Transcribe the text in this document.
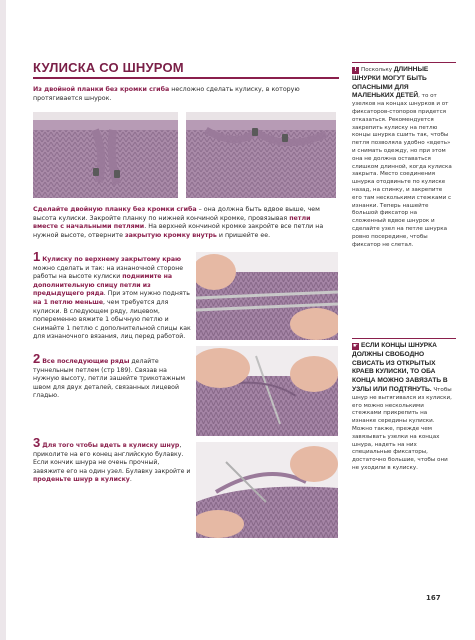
КУЛИСКА СО ШНУРОМ
Из двойной планки без кромки сгиба несложно сделать кулиску, в которую протягивается шнурок.
Сделайте двойную планку без кромки сгиба – она должна быть вдвое выше, чем высота кулиски. Закройте планку по нижней кончиной кромке, провязывая петли вместе с начальными петлями. На верхней кончиной кромке закройте все петли на нужной высоте, отверните закрытую кромку внутрь и пришейте ее.
1 Кулиску по верхнему закрытому краю можно сделать и так: на изнаночной стороне работы на высоте кулиски поднимите на дополнительную спицу петли из предыдущего ряда. При этом нужно поднять на 1 петлю меньше, чем требуется для кулиски. В следующем ряду, лицевом, попеременно вяжите 1 обычную петлю и снимайте 1 петлю с дополнительной спицы как для изнаночного вязания, лиц перед работой.
2 Все последующие ряды делайте туннельным петлем (стр 189). Связав на нужную высоту, петли зашейте трикотажным швом для двух деталей, связанных лицевой гладью.
3 Для того чтобы вдеть в кулиску шнур, приколите на его конец английскую булавку. Если кончик шнура не очень прочный, завяжите его на один узел. Булавку закройте и проденьте шнур в кулиску.
! Поскольку ДЛИННЫЕ ШНУРКИ МОГУТ БЫТЬ ОПАСНЫМИ ДЛЯ МАЛЕНЬКИХ ДЕТЕЙ, то от узелков на концах шнурков и от фиксаторов-стопоров придется отказаться. Рекомендуется закрепить кулиску на петлю концы шнурка сшить так, чтобы петля позволяла удобно «вдеть» и снимать одежду, но при этом она не должна оставаться слишком длинной, когда кулиска закрыта. Место соединения шнурка отодвиньте по кулиске назад, на спинку, и закрепите его там несколькими стежками с изнанки. Теперь нашейте большой фиксатор на сложенный вдвое шнурок и сделайте узел на петле шнурка ровно посередине, чтобы фиксатор не слетал.
☛ ЕСЛИ КОНЦЫ ШНУРКА ДОЛЖНЫ СВОБОДНО СВИСАТЬ ИЗ ОТКРЫТЫХ КРАЕВ КУЛИСКИ, ТО ОБА КОНЦА МОЖНО ЗАВЯЗАТЬ В УЗЛЫ ИЛИ ПОДТЯНУТЬ. Чтобы шнур не вытягивался из кулиски, его можно несколькими стежками прикрепить на изнанке середины кулиски. Можно также, прежде чем завязывать узелки на концах шнура, надеть на них специальные фиксаторы, достаточно большие, чтобы они не уходили в кулиску.
167
